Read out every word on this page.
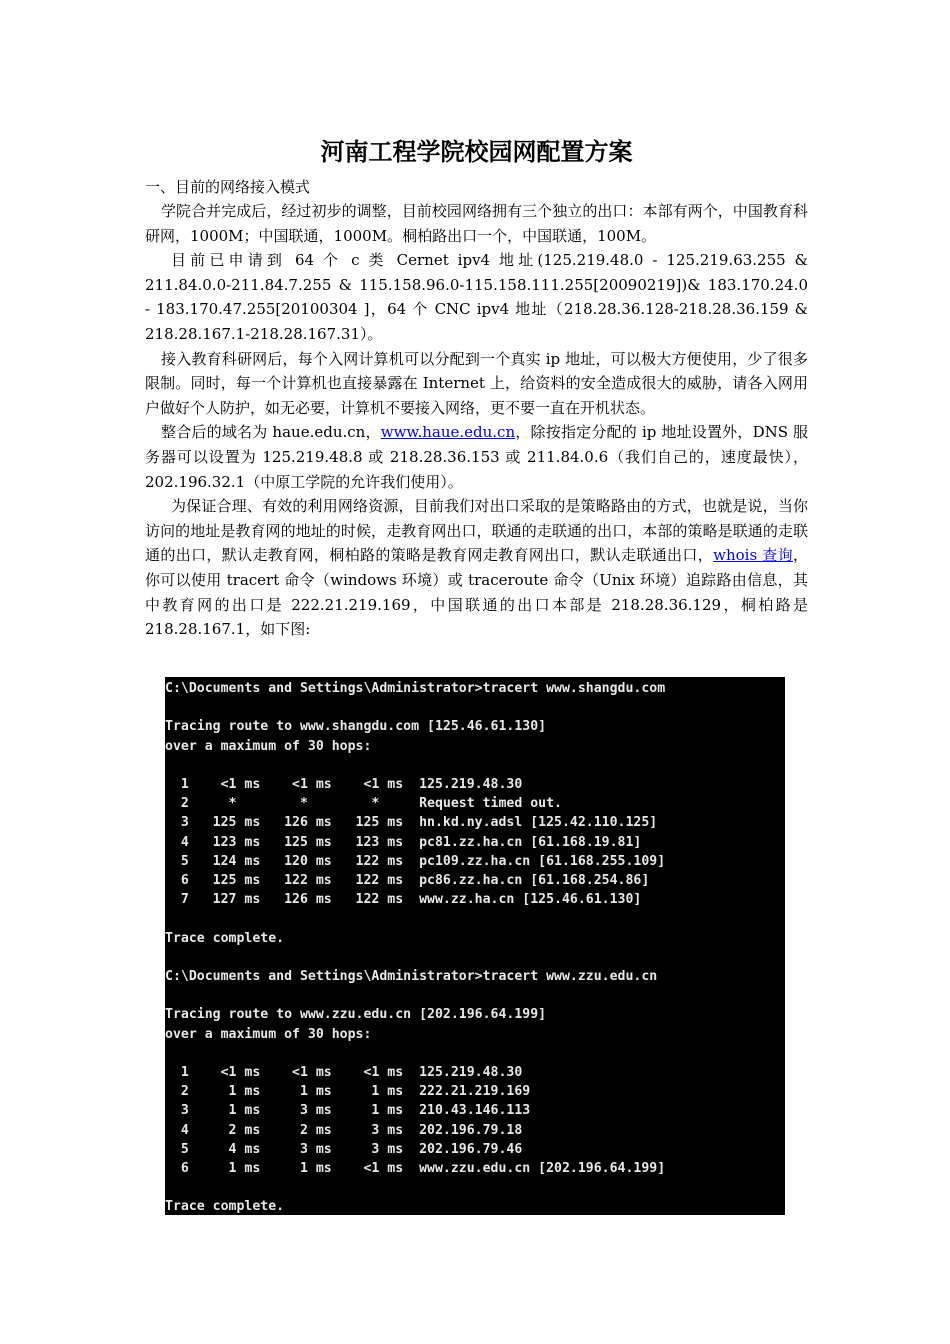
河南工程学院校园网配置方案
一、目前的网络接入模式

学院合并完成后，经过初步的调整，目前校园网络拥有三个独立的出口：本部有两个，中国教育科研网，1000M；中国联通，1000M。桐柏路出口一个，中国联通，100M。

目前已申请到 64 个 c 类 Cernet ipv4 地址(125.219.48.0 - 125.219.63.255 & 211.84.0.0-211.84.7.255 & 115.158.96.0-115.158.111.255[20090219])& 183.170.24.0 - 183.170.47.255[20100304 ]，64 个 CNC ipv4 地址（218.28.36.128-218.28.36.159 & 218.28.167.1-218.28.167.31）。

接入教育科研网后，每个入网计算机可以分配到一个真实 ip 地址，可以极大方便使用，少了很多限制。同时，每一个计算机也直接暴露在 Internet 上，给资料的安全造成很大的威胁，请各入网用户做好个人防护，如无必要，计算机不要接入网络，更不要一直在开机状态。

整合后的域名为 haue.edu.cn，www.haue.edu.cn，除按指定分配的 ip 地址设置外，DNS 服务器可以设置为 125.219.48.8 或 218.28.36.153 或 211.84.0.6（我们自己的，速度最快），202.196.32.1（中原工学院的允许我们使用）。

为保证合理、有效的利用网络资源，目前我们对出口采取的是策略路由的方式，也就是说，当你访问的地址是教育网的地址的时候，走教育网出口，联通的走联通的出口，本部的策略是联通的走联通的出口，默认走教育网，桐柏路的策略是教育网走教育网出口，默认走联通出口，whois 查询，你可以使用 tracert 命令（windows 环境）或 traceroute 命令（Unix 环境）追踪路由信息，其中教育网的出口是 222.21.219.169，中国联通的出口本部是 218.28.36.129，桐柏路是 218.28.167.1，如下图:

C:\Documents and Settings\Administrator>tracert www.shangdu.com

Tracing route to www.shangdu.com [125.46.61.130]
over a maximum of 30 hops:

1    <1 ms    <1 ms    <1 ms  125.219.48.30
2     *        *        *     Request timed out.
3   125 ms   126 ms   125 ms  hn.kd.ny.adsl [125.42.110.125]
4   123 ms   125 ms   123 ms  pc81.zz.ha.cn [61.168.19.81]
5   124 ms   120 ms   122 ms  pc109.zz.ha.cn [61.168.255.109]
6   125 ms   122 ms   122 ms  pc86.zz.ha.cn [61.168.254.86]
7   127 ms   126 ms   122 ms  www.zz.ha.cn [125.46.61.130]

Trace complete.

C:\Documents and Settings\Administrator>tracert www.zzu.edu.cn

Tracing route to www.zzu.edu.cn [202.196.64.199]
over a maximum of 30 hops:

1    <1 ms    <1 ms    <1 ms  125.219.48.30
2     1 ms     1 ms     1 ms  222.21.219.169
3     1 ms     3 ms     1 ms  210.43.146.113
4     2 ms     2 ms     3 ms  202.196.79.18
5     4 ms     3 ms     3 ms  202.196.79.46
6     1 ms     1 ms    <1 ms  www.zzu.edu.cn [202.196.64.199]

Trace complete.
